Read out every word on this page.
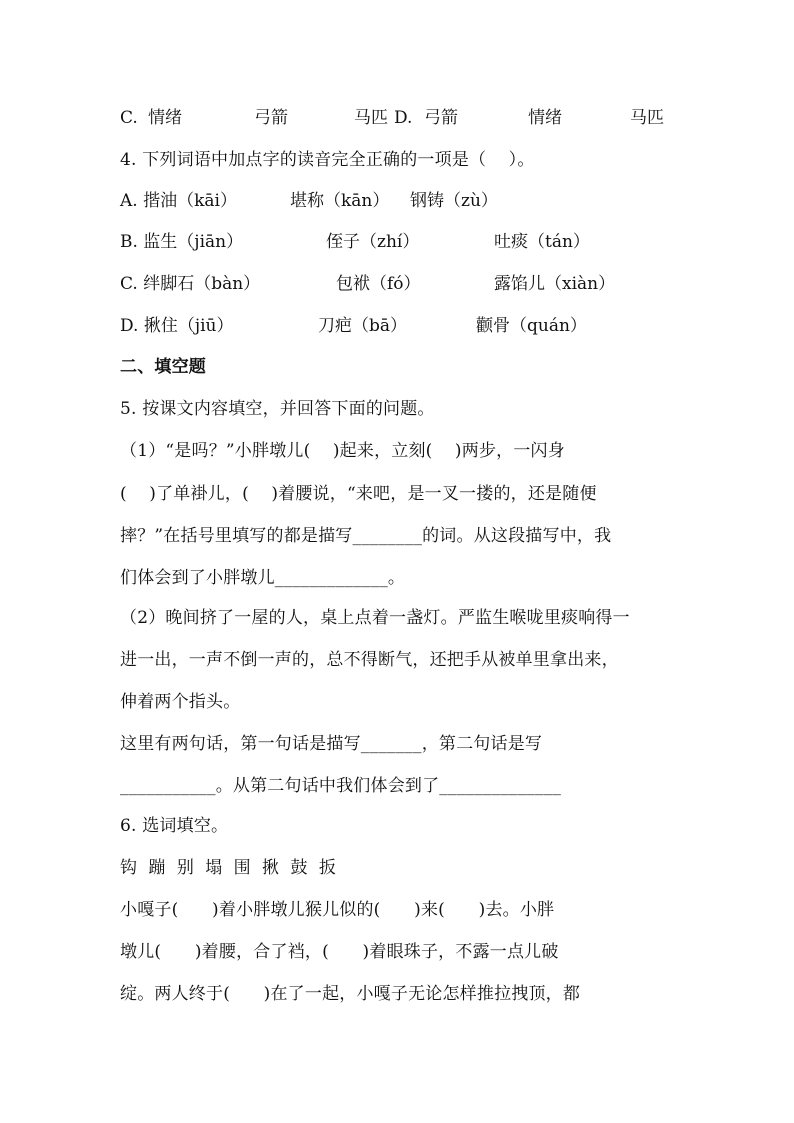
C. 情绪	弓箭	马匹 D. 弓箭	情绪	马匹
4. 下列词语中加点字的读音完全正确的一项是（    ）。
A. 揩油（kāi）	堪称（kān） 钢铸（zù）
B. 监生（jiān）	侄子（zhí）	吐痰（tán）
C. 绊脚石（bàn）	包袱（fó）	露馅儿（xiàn）
D. 揪住（jiū）	刀疤（bā）	颧骨（quán）
二、填空题
5. 按课文内容填空，并回答下面的问题。
（1）“是吗？”小胖墩儿(    )起来，立刻(    )两步，一闪身
(    )了单褂儿，(    )着腰说，“来吧，是一叉一搂的，还是随便
摔？”在括号里填写的都是描写________的词。从这段描写中，我
们体会到了小胖墩儿_____________。
（2）晚间挤了一屋的人，桌上点着一盏灯。严监生喉咙里痰响得一
进一出，一声不倒一声的，总不得断气，还把手从被单里拿出来，
伸着两个指头。
这里有两句话，第一句话是描写_______，第二句话是写
___________。从第二句话中我们体会到了______________
6. 选词填空。
钩  蹦  别  塌  围  揪  鼓  扳
小嘎子(      )着小胖墩儿猴儿似的(      )来(      )去。小胖
墩儿(      )着腰，合了裆，(      )着眼珠子，不露一点儿破
绽。两人终于(      )在了一起，小嘎子无论怎样推拉拽顶，都
